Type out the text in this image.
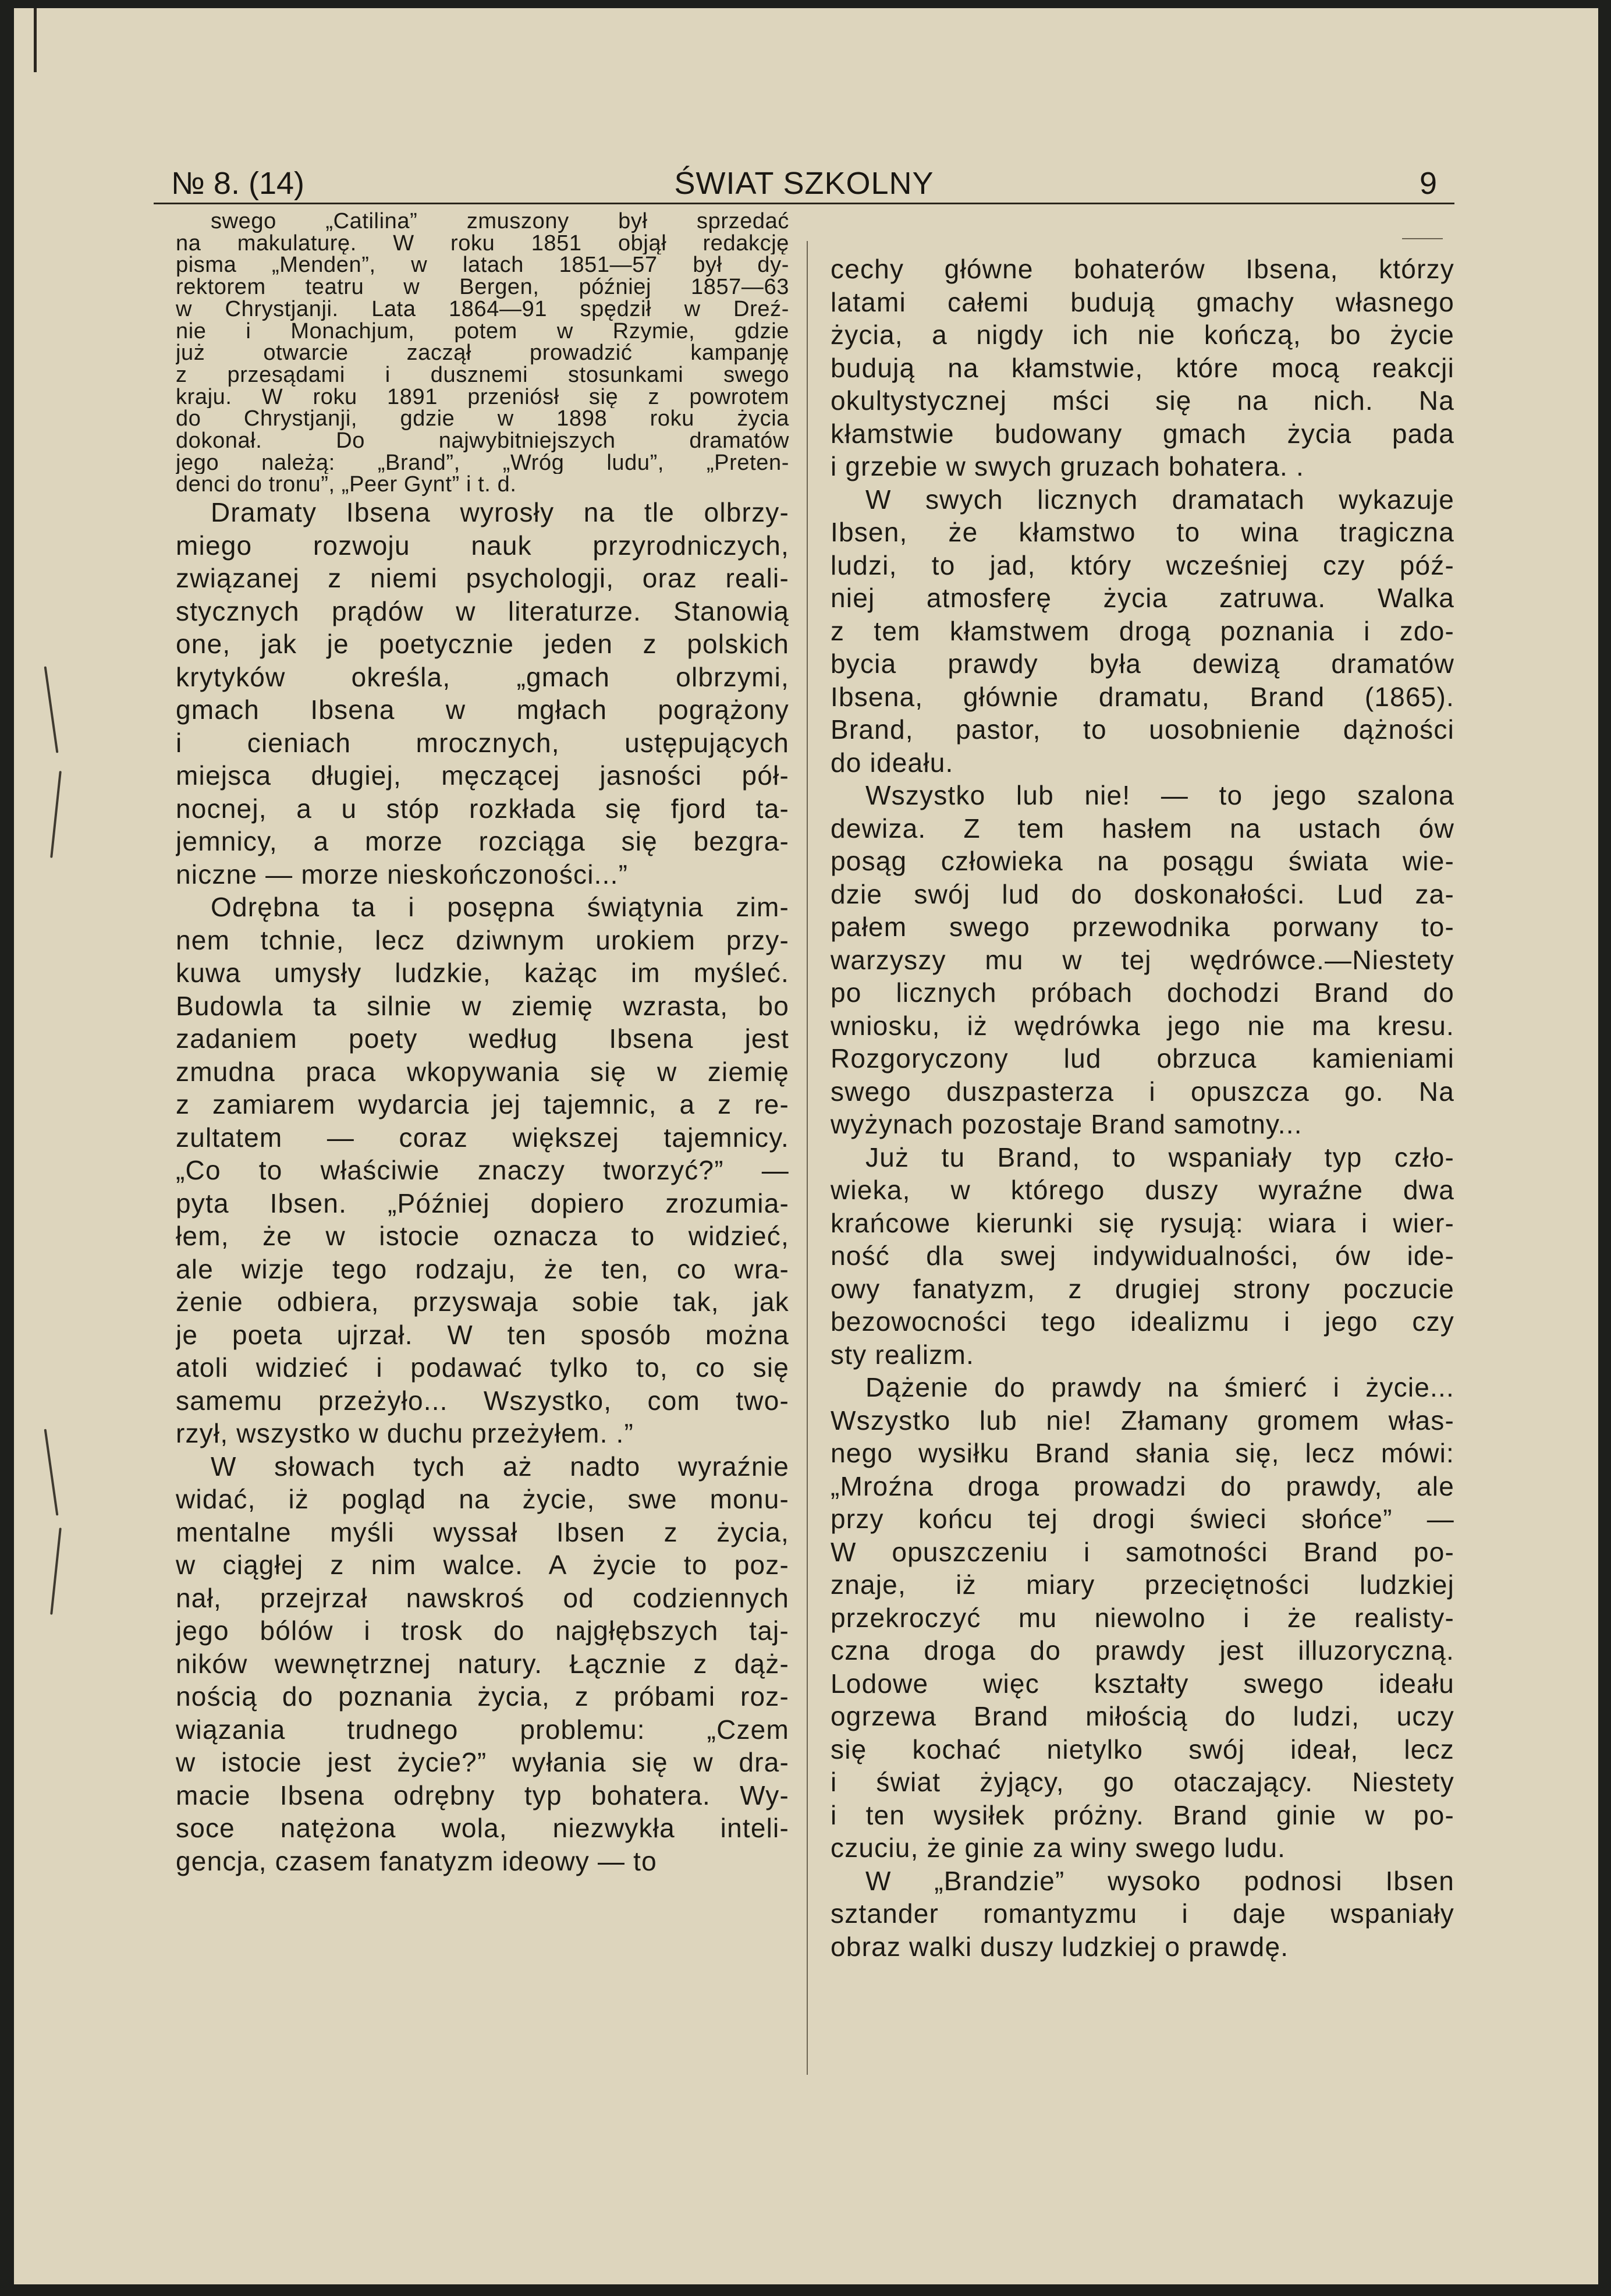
№ 8. (14)	ŚWIAT SZKOLNY	9

swego „Catilina” zmuszony był sprzedać
na makulaturę. W roku 1851 objął redakcję
pisma „Menden”, w latach 1851—57 był dy-
rektorem teatru w Bergen, później 1857—63
w Chrystjanji. Lata 1864—91 spędził w Dreź-
nie i Monachjum, potem w Rzymie, gdzie
już otwarcie zaczął prowadzić kampanję
z przesądami i dusznemi stosunkami swego
kraju. W roku 1891 przeniósł się z powrotem
do Chrystjanji, gdzie w 1898 roku życia
dokonał. Do najwybitniejszych dramatów
jego należą: „Brand”, „Wróg ludu”, „Preten-
denci do tronu”, „Peer Gynt” i t. d.

Dramaty Ibsena wyrosły na tle olbrzy-
miego rozwoju nauk przyrodniczych,
związanej z niemi psychologji, oraz reali-
stycznych prądów w literaturze. Stanowią
one, jak je poetycznie jeden z polskich
krytyków określa, „gmach olbrzymi,
gmach Ibsena w mgłach pogrążony
i cieniach mrocznych, ustępujących
miejsca długiej, męczącej jasności pół-
nocnej, a u stóp rozkłada się fjord ta-
jemnicy, a morze rozciąga się bezgra-
niczne — morze nieskończoności...”

Odrębna ta i posępna świątynia zim-
nem tchnie, lecz dziwnym urokiem przy-
kuwa umysły ludzkie, każąc im myśleć.
Budowla ta silnie w ziemię wzrasta, bo
zadaniem poety według Ibsena jest
zmudna praca wkopywania się w ziemię
z zamiarem wydarcia jej tajemnic, a z re-
zultatem — coraz większej tajemnicy.
„Co to właściwie znaczy tworzyć?” —
pyta Ibsen. „Później dopiero zrozumia-
łem, że w istocie oznacza to widzieć,
ale wizje tego rodzaju, że ten, co wra-
żenie odbiera, przyswaja sobie tak, jak
je poeta ujrzał. W ten sposób można
atoli widzieć i podawać tylko to, co się
samemu przeżyło... Wszystko, com two-
rzył, wszystko w duchu przeżyłem. .”

W słowach tych aż nadto wyraźnie
widać, iż pogląd na życie, swe monu-
mentalne myśli wyssał Ibsen z życia,
w ciągłej z nim walce. A życie to poz-
nał, przejrzał nawskroś od codziennych
jego bólów i trosk do najgłębszych taj-
ników wewnętrznej natury. Łącznie z dąż-
nością do poznania życia, z próbami roz-
wiązania trudnego problemu: „Czem
w istocie jest życie?” wyłania się w dra-
macie Ibsena odrębny typ bohatera. Wy-
soce natężona wola, niezwykła inteli-
gencja, czasem fanatyzm ideowy — to

cechy główne bohaterów Ibsena, którzy
latami całemi budują gmachy własnego
życia, a nigdy ich nie kończą, bo życie
budują na kłamstwie, które mocą reakcji
okultystycznej mści się na nich. Na
kłamstwie budowany gmach życia pada
i grzebie w swych gruzach bohatera. .

W swych licznych dramatach wykazuje
Ibsen, że kłamstwo to wina tragiczna
ludzi, to jad, który wcześniej czy póź-
niej atmosferę życia zatruwa. Walka
z tem kłamstwem drogą poznania i zdo-
bycia prawdy była dewizą dramatów
Ibsena, głównie dramatu, Brand (1865).
Brand, pastor, to uosobnienie dążności
do ideału.

Wszystko lub nie! — to jego szalona
dewiza. Z tem hasłem na ustach ów
posąg człowieka na posągu świata wie-
dzie swój lud do doskonałości. Lud za-
pałem swego przewodnika porwany to-
warzyszy mu w tej wędrówce.—Niestety
po licznych próbach dochodzi Brand do
wniosku, iż wędrówka jego nie ma kresu.
Rozgoryczony lud obrzuca kamieniami
swego duszpasterza i opuszcza go. Na
wyżynach pozostaje Brand samotny...

Już tu Brand, to wspaniały typ czło-
wieka, w którego duszy wyraźne dwa
krańcowe kierunki się rysują: wiara i wier-
ność dla swej indywidualności, ów ide-
owy fanatyzm, z drugiej strony poczucie
bezowocności tego idealizmu i jego czy
sty realizm.

Dążenie do prawdy na śmierć i życie...
Wszystko lub nie! Złamany gromem włas-
nego wysiłku Brand słania się, lecz mówi:
„Mroźna droga prowadzi do prawdy, ale
przy końcu tej drogi świeci słońce” —
W opuszczeniu i samotności Brand po-
znaje, iż miary przeciętności ludzkiej
przekroczyć mu niewolno i że realisty-
czna droga do prawdy jest illuzoryczną.
Lodowe więc kształty swego ideału
ogrzewa Brand miłością do ludzi, uczy
się kochać nietylko swój ideał, lecz
i świat żyjący, go otaczający. Niestety
i ten wysiłek próżny. Brand ginie w po-
czuciu, że ginie za winy swego ludu.

W „Brandzie” wysoko podnosi Ibsen
sztander romantyzmu i daje wspaniały
obraz walki duszy ludzkiej o prawdę.
